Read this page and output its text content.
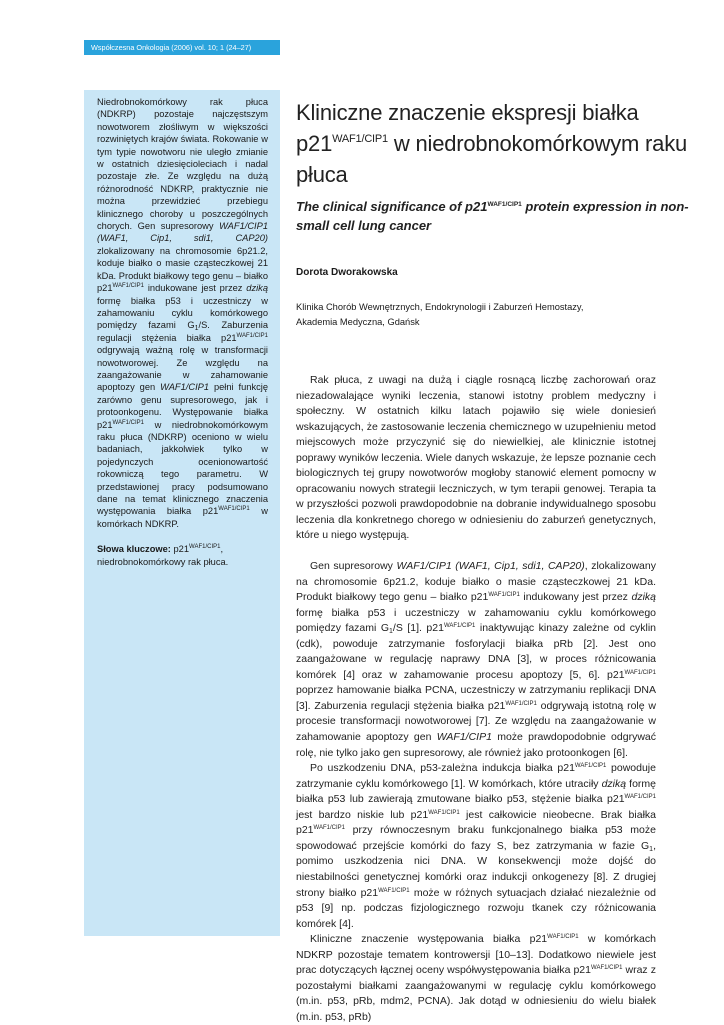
Współczesna Onkologia (2006) vol. 10; 1 (24–27)

Niedrobnokomórkowy rak płuca (NDKRP) pozostaje najczęstszym nowotworem złośliwym w większości rozwiniętych krajów świata. Rokowanie w tym typie nowotworu nie uległo zmianie w ostatnich dziesięcioleciach i nadal pozostaje złe. Ze względu na dużą różnorodność NDKRP, praktycznie nie można przewidzieć przebiegu klinicznego choroby u poszczególnych chorych. Gen supresorowy WAF1/CIP1 (WAF1, Cip1, sdi1, CAP20) zlokalizowany na chromosomie 6p21.2, koduje białko o masie cząsteczkowej 21 kDa. Produkt białkowy tego genu – białko $p21^{WAF1/CIP1}$ indukowane jest przez dziką formę białka p53 i uczestniczy w zahamowaniu cyklu komórkowego pomiędzy fazami $G_1/S$. Zaburzenia regulacji stężenia białka $p21^{WAF1/CIP1}$ odgrywają ważną rolę w transformacji nowotworowej. Ze względu na zaangażowanie w zahamowanie apoptozy gen WAF1/CIP1 pełni funkcję zarówno genu supresorowego, jak i protoonkogenu. Występowanie białka $p21^{WAF1/CIP1}$ w niedrobnokomórkowym raku płuca (NDKRP) oceniono w wielu badaniach, jakkolwiek tylko w pojedynczych ocenionowartość rokowniczą tego parametru. W przedstawionej pracy podsumowano dane na temat klinicznego znaczenia występowania białka $p21^{WAF1/CIP1}$ w komórkach NDKRP.

Słowa kluczowe: $p21^{WAF1/CIP1}$, niedrobnokomórkowy rak płuca.

Kliniczne znaczenie ekspresji białka $p21^{WAF1/CIP1}$ w niedrobnokomórkowym raku płuca
The clinical significance of $p21^{WAF1/CIP1}$ protein expression in non-small cell lung cancer
Dorota Dworakowska
Klinika Chorób Wewnętrznych, Endokrynologii i Zaburzeń Hemostazy,
Akademia Medyczna, Gdańsk

Rak płuca, z uwagi na dużą i ciągle rosnącą liczbę zachorowań oraz niezadowalające wyniki leczenia, stanowi istotny problem medyczny i społeczny. W ostatnich kilku latach pojawiło się wiele doniesień wskazujących, że zastosowanie leczenia chemicznego w uzupełnieniu metod miejscowych może przyczynić się do niewielkiej, ale klinicznie istotnej poprawy wyników leczenia. Wiele danych wskazuje, że lepsze poznanie cech biologicznych tej grupy nowotworów mogłoby stanowić element pomocny w opracowaniu nowych strategii leczniczych, w tym terapii genowej. Terapia ta w przyszłości pozwoli prawdopodobnie na dobranie indywidualnego sposobu leczenia dla konkretnego chorego w odniesieniu do zaburzeń genetycznych, które u niego występują.

Gen supresorowy WAF1/CIP1 (WAF1, Cip1, sdi1, CAP20), zlokalizowany na chromosomie 6p21.2, koduje białko o masie cząsteczkowej 21 kDa. Produkt białkowy tego genu – białko $p21^{WAF1/CIP1}$ indukowany jest przez dziką formę białka p53 i uczestniczy w zahamowaniu cyklu komórkowego pomiędzy fazami $G_1/S$ [1]. $p21^{WAF1/CIP1}$ inaktywując kinazy zależne od cyklin (cdk), powoduje zatrzymanie fosforylacji białka pRb [2]. Jest ono zaangażowane w regulację naprawy DNA [3], w proces różnicowania komórek [4] oraz w zahamowanie procesu apoptozy [5, 6]. $p21^{WAF1/CIP1}$ poprzez hamowanie białka PCNA, uczestniczy w zatrzymaniu replikacji DNA [3]. Zaburzenia regulacji stężenia białka $p21^{WAF1/CIP1}$ odgrywają istotną rolę w procesie transformacji nowotworowej [7]. Ze względu na zaangażowanie w zahamowanie apoptozy gen WAF1/CIP1 może prawdopodobnie odgrywać rolę, nie tylko jako gen supresorowy, ale również jako protoonkogen [6].

Po uszkodzeniu DNA, p53-zależna indukcja białka $p21^{WAF1/CIP1}$ powoduje zatrzymanie cyklu komórkowego [1]. W komórkach, które utraciły dziką formę białka p53 lub zawierają zmutowane białko p53, stężenie białka $p21^{WAF1/CIP1}$ jest bardzo niskie lub $p21^{WAF1/CIP1}$ jest całkowicie nieobecne. Brak białka $p21^{WAF1/CIP1}$ przy równoczesnym braku funkcjonalnego białka p53 może spowodować przejście komórki do fazy S, bez zatrzymania w fazie $G_1$, pomimo uszkodzenia nici DNA. W konsekwencji może dojść do niestabilności genetycznej komórki oraz indukcji onkogenezy [8]. Z drugiej strony białko $p21^{WAF1/CIP1}$ może w różnych sytuacjach działać niezależnie od p53 [9] np. podczas fizjologicznego rozwoju tkanek czy różnicowania komórek [4].

Kliniczne znaczenie występowania białka $p21^{WAF1/CIP1}$ w komórkach NDKRP pozostaje tematem kontrowersji [10–13]. Dodatkowo niewiele jest prac dotyczących łącznej oceny współwystępowania białka $p21^{WAF1/CIP1}$ wraz z pozostałymi białkami zaangażowanymi w regulację cyklu komórkowego (m.in. p53, pRb, mdm2, PCNA). Jak dotąd w odniesieniu do wielu białek (m.in. p53, pRb)
